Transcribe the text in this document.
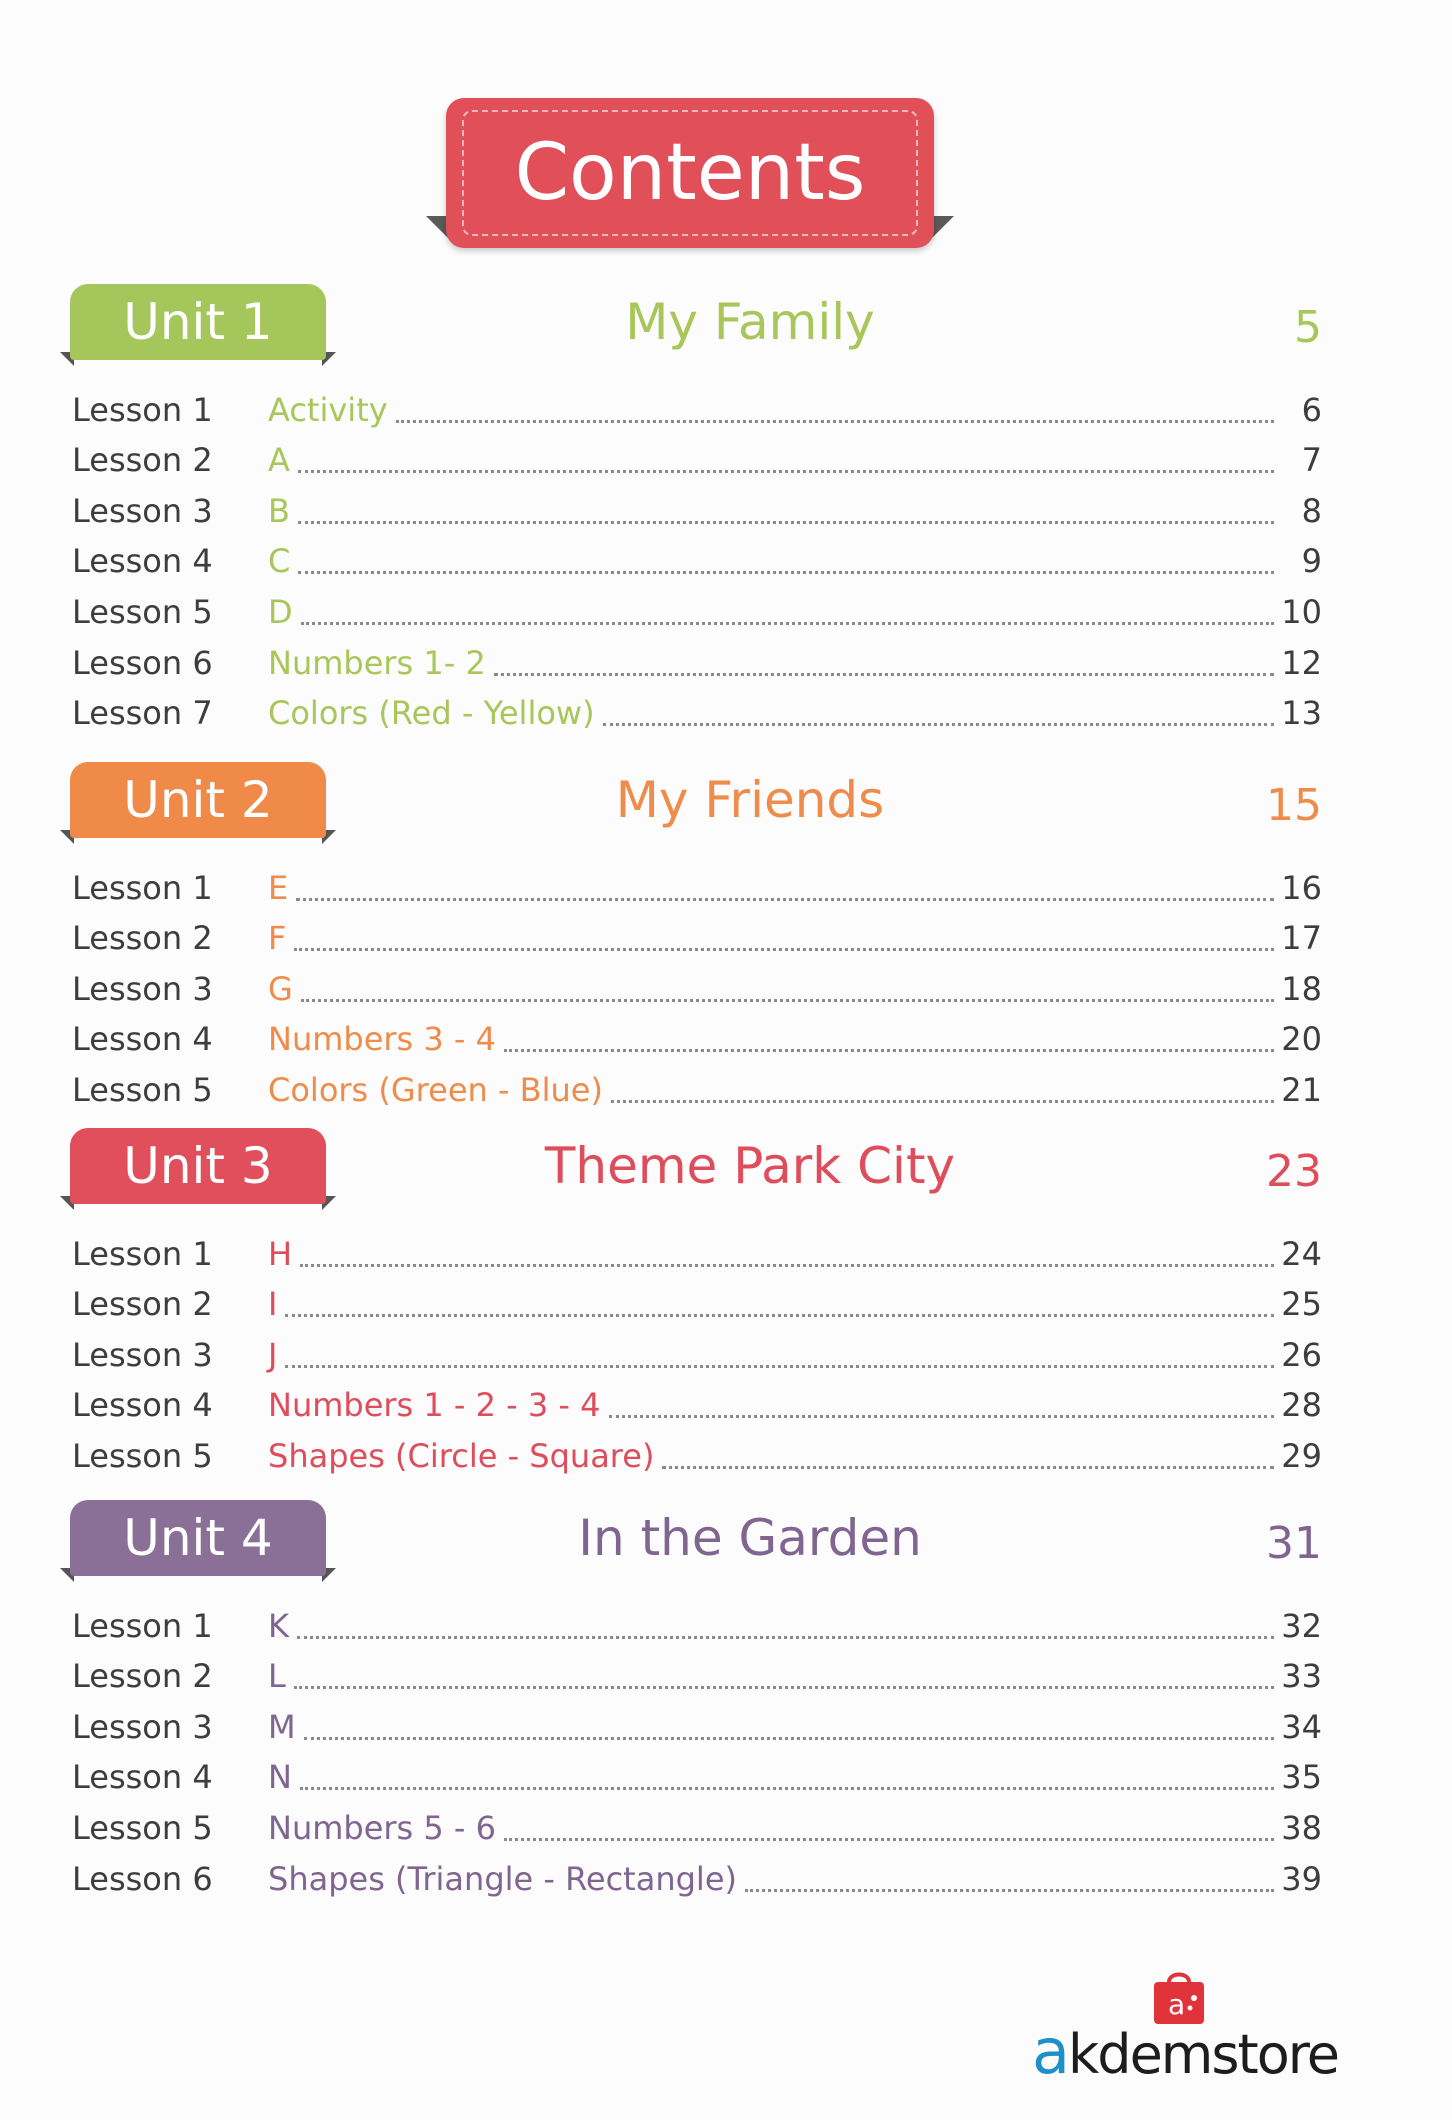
Contents
Unit 1	My Family	5
Lesson 1	Activity	6
Lesson 2	A	7
Lesson 3	B	8
Lesson 4	C	9
Lesson 5	D	10
Lesson 6	Numbers 1- 2	12
Lesson 7	Colors (Red - Yellow)	13
Unit 2	My Friends	15
Lesson 1	E	16
Lesson 2	F	17
Lesson 3	G	18
Lesson 4	Numbers 3 - 4	20
Lesson 5	Colors (Green - Blue)	21
Unit 3	Theme Park City	23
Lesson 1	H	24
Lesson 2	I	25
Lesson 3	J	26
Lesson 4	Numbers 1 - 2 - 3 - 4	28
Lesson 5	Shapes (Circle - Square)	29
Unit 4	In the Garden	31
Lesson 1	K	32
Lesson 2	L	33
Lesson 3	M	34
Lesson 4	N	35
Lesson 5	Numbers 5 - 6	38
Lesson 6	Shapes (Triangle - Rectangle)	39
a
akdemstore
